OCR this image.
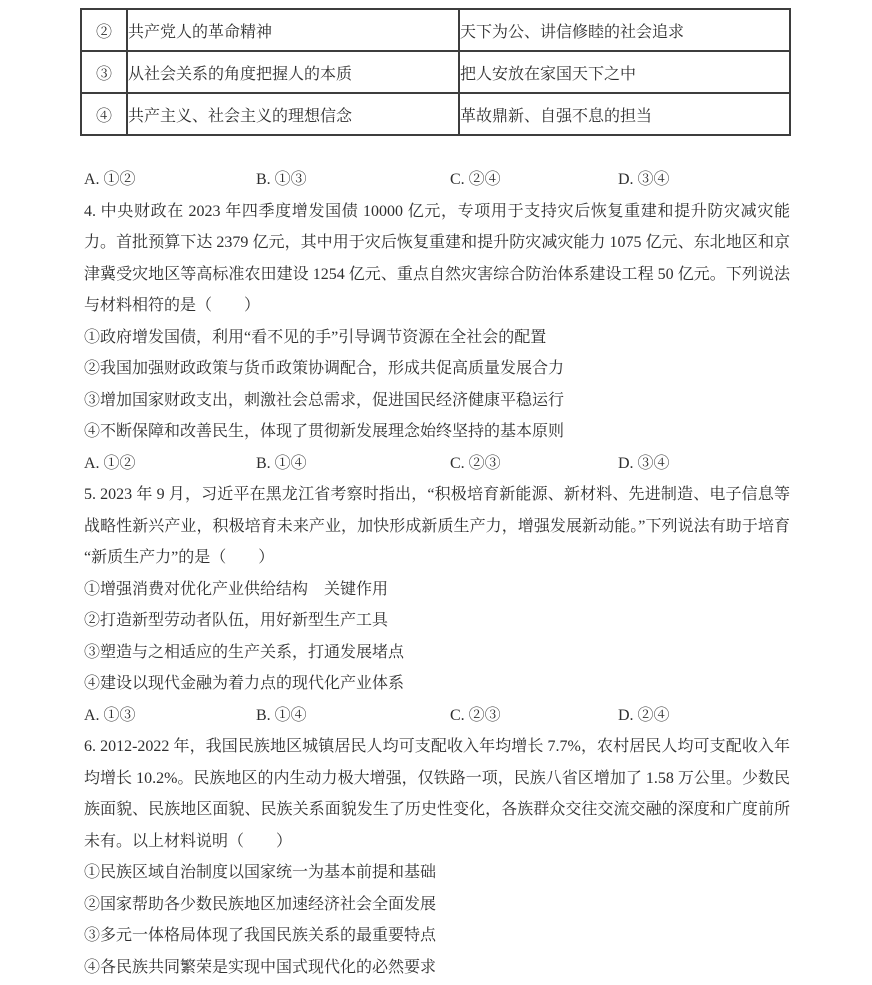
②	共产党人的革命精神	天下为公、讲信修睦的社会追求
③	从社会关系的角度把握人的本质	把人安放在家国天下之中
④	共产主义、社会主义的理想信念	革故鼎新、自强不息的担当
A. ①②	B. ①③	C. ②④	D. ③④

4. 中央财政在 2023 年四季度增发国债 10000 亿元，专项用于支持灾后恢复重建和提升防灾减灾能力。首批预算下达 2379 亿元，其中用于灾后恢复重建和提升防灾减灾能力 1075 亿元、东北地区和京津冀受灾地区等高标准农田建设 1254 亿元、重点自然灾害综合防治体系建设工程 50 亿元。下列说法与材料相符的是（　　）

①政府增发国债，利用“看不见的手”引导调节资源在全社会的配置
②我国加强财政政策与货币政策协调配合，形成共促高质量发展合力
③增加国家财政支出，刺激社会总需求，促进国民经济健康平稳运行
④不断保障和改善民生，体现了贯彻新发展理念始终坚持的基本原则
A. ①②	B. ①④	C. ②③	D. ③④

5. 2023 年 9 月，习近平在黑龙江省考察时指出，“积极培育新能源、新材料、先进制造、电子信息等战略性新兴产业，积极培育未来产业，加快形成新质生产力，增强发展新动能。”下列说法有助于培育“新质生产力”的是（　　）

①增强消费对优化产业供给结构　关键作用
②打造新型劳动者队伍，用好新型生产工具
③塑造与之相适应的生产关系，打通发展堵点
④建设以现代金融为着力点的现代化产业体系
A. ①③	B. ①④	C. ②③	D. ②④

6. 2012-2022 年，我国民族地区城镇居民人均可支配收入年均增长 7.7%，农村居民人均可支配收入年均增长 10.2%。民族地区的内生动力极大增强，仅铁路一项，民族八省区增加了 1.58 万公里。少数民族面貌、民族地区面貌、民族关系面貌发生了历史性变化，各族群众交往交流交融的深度和广度前所未有。以上材料说明（　　）

①民族区域自治制度以国家统一为基本前提和基础
②国家帮助各少数民族地区加速经济社会全面发展
③多元一体格局体现了我国民族关系的最重要特点
④各民族共同繁荣是实现中国式现代化的必然要求
